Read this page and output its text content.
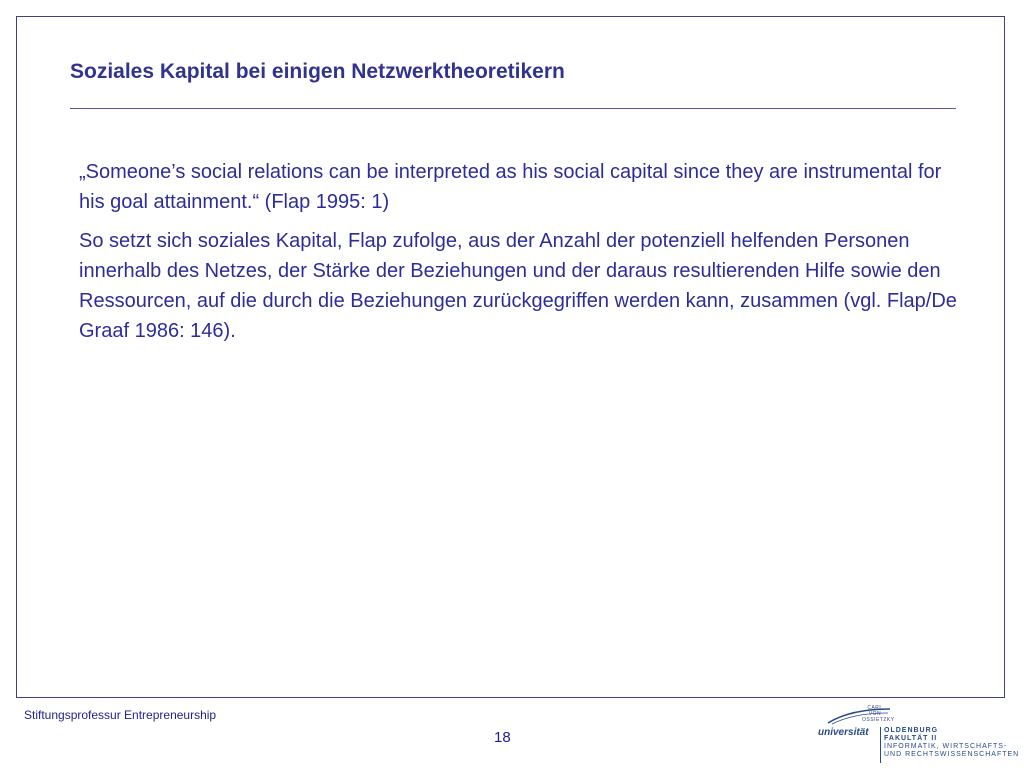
Soziales Kapital bei einigen Netzwerktheoretikern

„Someone’s social relations can be interpreted as his social capital since they are instrumental for his goal attainment.“ (Flap 1995: 1)

So setzt sich soziales Kapital, Flap zufolge, aus der Anzahl der potenziell helfenden Personen innerhalb des Netzes, der Stärke der Beziehungen und der daraus resultierenden Hilfe sowie den Ressourcen, auf die durch die Beziehungen zurückgegriffen werden kann, zusammen (vgl. Flap/De Graaf 1986: 146).

Stiftungsprofessur Entrepreneurship
18
CARL
VON
OSSIETZKY
universität OLDENBURG
FAKULTÄT II
INFORMATIK, WIRTSCHAFTS-
UND RECHTSWISSENSCHAFTEN
